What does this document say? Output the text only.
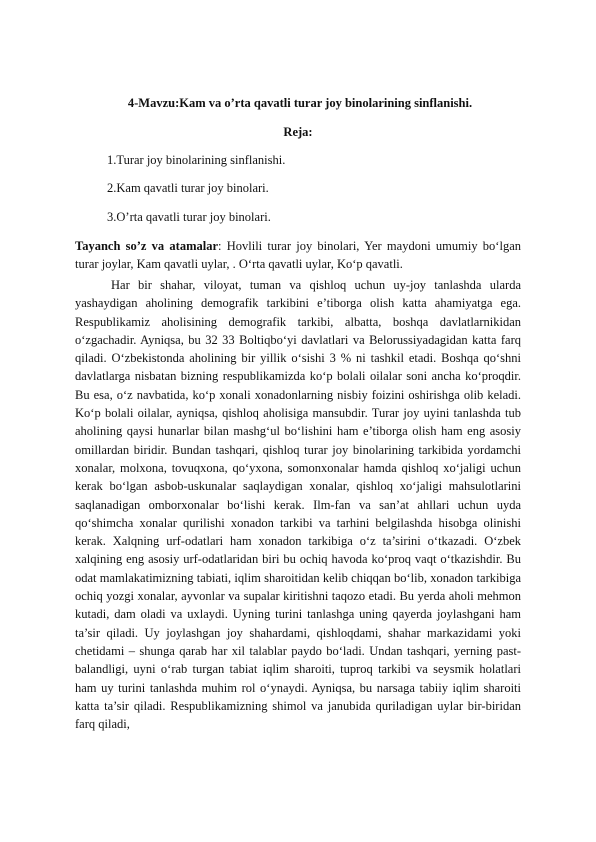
4-Mavzu:Kam va o’rta qavatli turar joy binolarining sinflanishi.
Reja:
1.Turar joy binolarining sinflanishi.
2.Kam qavatli turar joy binolari.
3.O’rta qavatli turar joy binolari.
Tayanch so’z va atamalar: Hovlili turar joy binolari, Yer maydoni umumiy bo‘lgan turar joylar, Kam qavatli uylar, . O‘rta qavatli uylar, Ko‘p qavatli.
Har bir shahar, viloyat, tuman va qishloq uchun uy-joy tanlashda ularda yashaydigan aholining demografik tarkibini e’tiborga olish katta ahamiyatga ega. Respublikamiz aholisining demografik tarkibi, albatta, boshqa davlatlarnikidan o‘zgachadir. Ayniqsa, bu 32 33 Boltiqbo‘yi davlatlari va Belorussiyadagidan katta farq qiladi. O‘zbekistonda aholining bir yillik o‘sishi 3 % ni tashkil etadi. Boshqa qo‘shni davlatlarga nisbatan bizning respublikamizda ko‘p bolali oilalar soni ancha ko‘proqdir. Bu esa, o‘z navbatida, ko‘p xonali xonadonlarning nisbiy foizini oshirishga olib keladi. Ko‘p bolali oilalar, ayniqsa, qishloq aholisiga mansubdir. Turar joy uyini tanlashda tub aholining qaysi hunarlar bilan mashg‘ul bo‘lishini ham e’tiborga olish ham eng asosiy omillardan biridir. Bundan tashqari, qishloq turar joy binolarining tarkibida yordamchi xonalar, molxona, tovuqxona, qo‘yxona, somonxonalar hamda qishloq xo‘jaligi uchun kerak bo‘lgan asbob-uskunalar saqlaydigan xonalar, qishloq xo‘jaligi mahsulotlarini saqlanadigan omborxonalar bo‘lishi kerak. Ilm-fan va san’at ahllari uchun uyda qo‘shimcha xonalar qurilishi xonadon tarkibi va tarhini belgilashda hisobga olinishi kerak. Xalqning urf-odatlari ham xonadon tarkibiga o‘z ta’sirini o‘tkazadi. O‘zbek xalqining eng asosiy urf-odatlaridan biri bu ochiq havoda ko‘proq vaqt o‘tkazishdir. Bu odat mamlakatimizning tabiati, iqlim sharoitidan kelib chiqqan bo‘lib, xonadon tarkibiga ochiq yozgi xonalar, ayvonlar va supalar kiritishni taqozo etadi. Bu yerda aholi mehmon kutadi, dam oladi va uxlaydi. Uyning turini tanlashga uning qayerda joylashgani ham ta’sir qiladi. Uy joylashgan joy shahardami, qishloqdami, shahar markazidami yoki chetidami – shunga qarab har xil talablar paydo bo‘ladi. Undan tashqari, yerning past-balandligi, uyni o‘rab turgan tabiat iqlim sharoiti, tuproq tarkibi va seysmik holatlari ham uy turini tanlashda muhim rol o‘ynaydi. Ayniqsa, bu narsaga tabiiy iqlim sharoiti katta ta’sir qiladi. Respublikamizning shimol va janubida quriladigan uylar bir-biridan farq qiladi,
